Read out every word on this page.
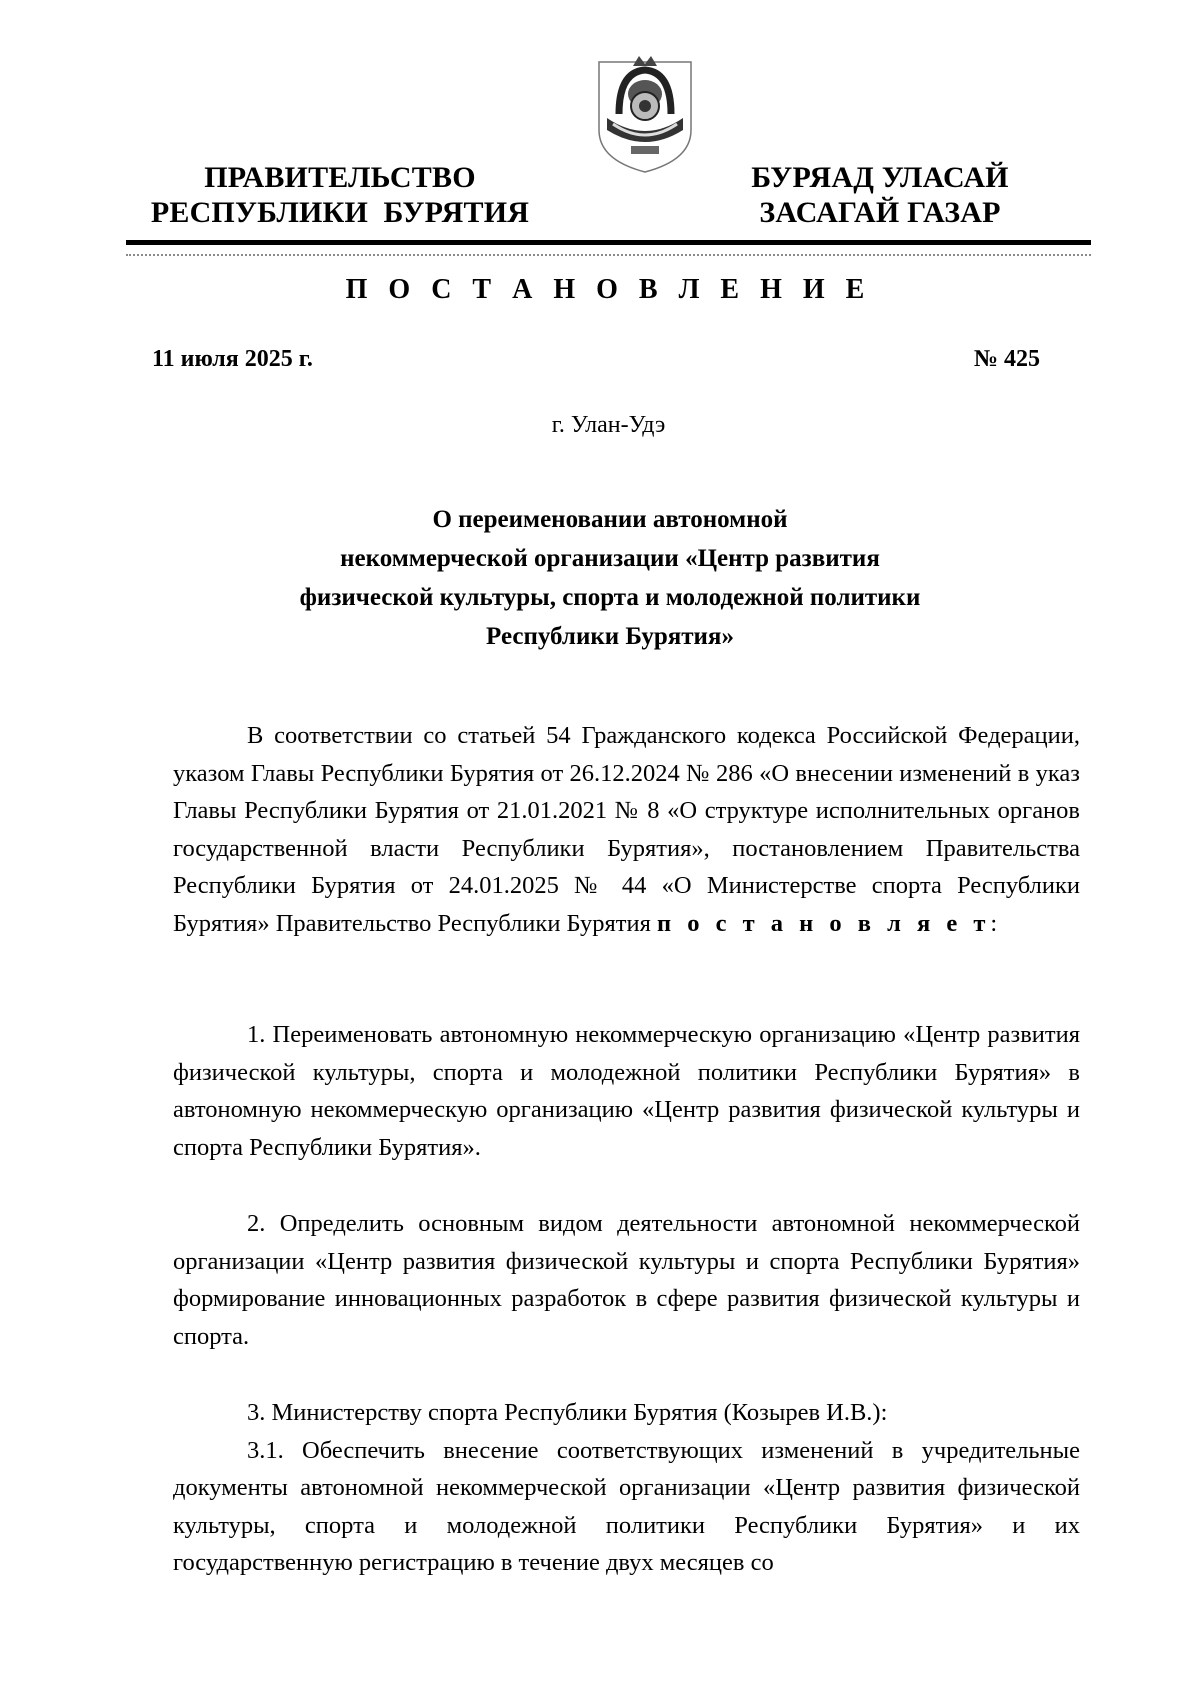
ПРАВИТЕЛЬСТВО
РЕСПУБЛИКИ  БУРЯТИЯ
БУРЯАД УЛАСАЙ
ЗАСАГАЙ ГАЗАР
П О С Т А Н О В Л Е Н И Е
11 июля 2025 г.	№ 425
г. Улан-Удэ
О переименовании автономной
некоммерческой организации «Центр развития
физической культуры, спорта и молодежной политики
Республики Бурятия»

В соответствии со статьей 54 Гражданского кодекса Российской Федерации, указом Главы Республики Бурятия от 26.12.2024 № 286 «О внесении изменений в указ Главы Республики Бурятия от 21.01.2021 № 8 «О структуре исполнительных органов государственной власти Республики Бурятия», постановлением Правительства Республики Бурятия от 24.01.2025 № 44 «О Министерстве спорта Республики Бурятия» Правительство Республики Бурятия п о с т а н о в л я е т:

1. Переименовать автономную некоммерческую организацию «Центр развития физической культуры, спорта и молодежной политики Республики Бурятия» в автономную некоммерческую организацию «Центр развития физической культуры и спорта Республики Бурятия».

2. Определить основным видом деятельности автономной некоммерческой организации «Центр развития физической культуры и спорта Республики Бурятия» формирование инновационных разработок в сфере развития физической культуры и спорта.

3. Министерству спорта Республики Бурятия (Козырев И.В.):

3.1. Обеспечить внесение соответствующих изменений в учредительные документы автономной некоммерческой организации «Центр развития физической культуры, спорта и молодежной политики Республики Бурятия» и их государственную регистрацию в течение двух месяцев со
